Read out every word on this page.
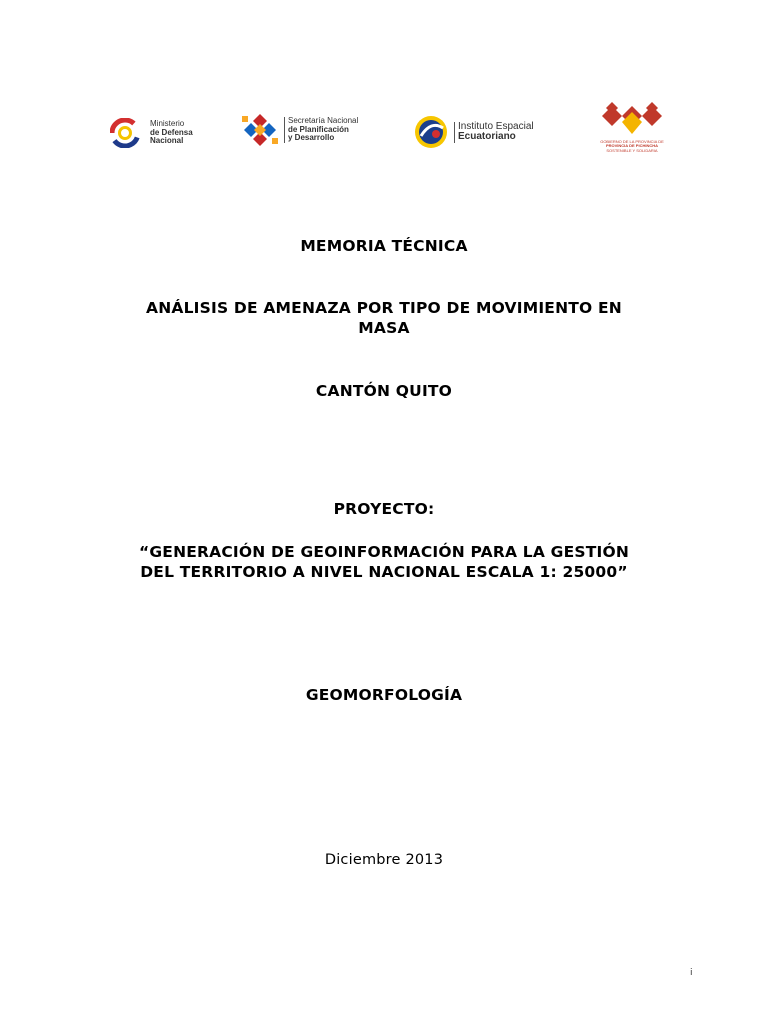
Ministerio
de Defensa
Nacional
Secretaría Nacional
de Planificación
y Desarrollo
Instituto Espacial
Ecuatoriano	GOBIERNO DE LA PROVINCIA DE
PROVINCIA DE PICHINCHA
SOSTENIBLE Y SOLIDARIA
MEMORIA TÉCNICA
ANÁLISIS DE AMENAZA POR TIPO DE MOVIMIENTO EN
MASA
CANTÓN QUITO
PROYECTO:
“GENERACIÓN DE GEOINFORMACIÓN PARA LA GESTIÓN
DEL TERRITORIO A NIVEL NACIONAL ESCALA 1: 25000”
GEOMORFOLOGÍA
Diciembre 2013
i
